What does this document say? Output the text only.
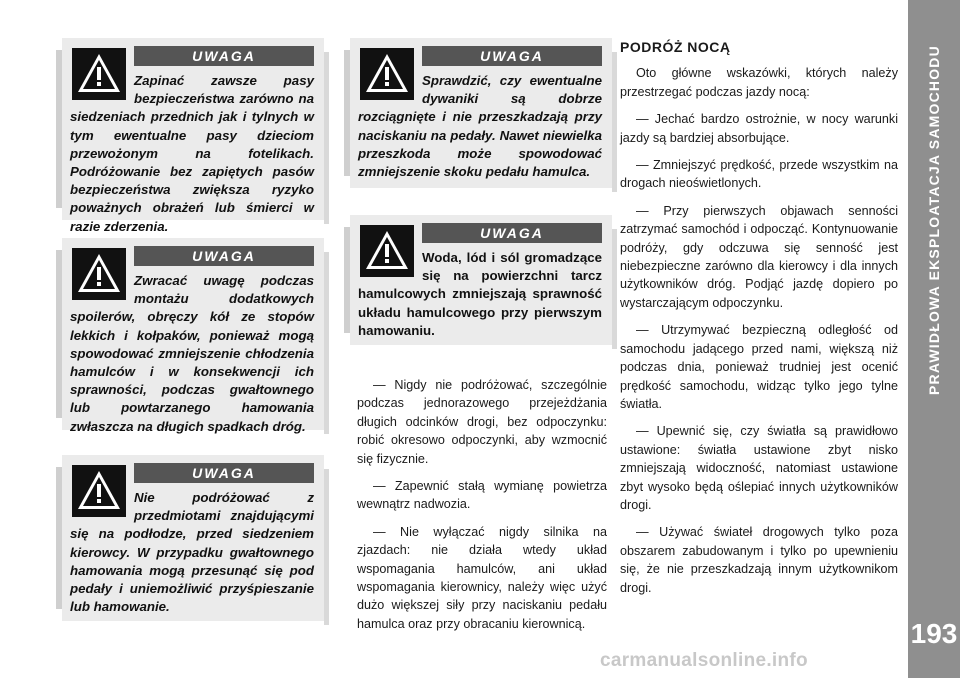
PRAWIDŁOWA EKSPLOATACJA SAMOCHODU
193
UWAGA
Zapinać zawsze pasy bezpieczeństwa zarówno na siedzeniach przednich jak i tylnych w tym ewentualne pasy dzieciom przewożonym na fotelikach. Podróżowanie bez zapiętych pasów bezpieczeństwa zwiększa ryzyko poważnych obrażeń lub śmierci w razie zderzenia.
UWAGA
Zwracać uwagę podczas montażu dodatkowych spoilerów, obręczy kół ze stopów lekkich i kołpaków, ponieważ mogą spowodować zmniejszenie chłodzenia hamulców i w konsekwencji ich sprawności, podczas gwałtownego lub powtarzanego hamowania zwłaszcza na długich spadkach dróg.
UWAGA
Nie podróżować z przedmiotami znajdującymi się na podłodze, przed siedzeniem kierowcy. W przypadku gwałtownego hamowania mogą przesunąć się pod pedały i uniemożliwić przyśpieszanie lub hamowanie.
UWAGA
Sprawdzić, czy ewentualne dywaniki są dobrze rozciągnięte i nie przeszkadzają przy naciskaniu na pedały. Nawet niewielka przeszkoda może spowodować zmniejszenie skoku pedału hamulca.
UWAGA
Woda, lód i sól gromadzące się na powierzchni tarcz hamulcowych zmniejszają sprawność układu hamulcowego przy pierwszym hamowaniu.

— Nigdy nie podróżować, szczególnie podczas jednorazowego przejeżdżania długich odcinków drogi, bez odpoczynku: robić okresowo odpoczynki, aby wzmocnić się fizycznie.

— Zapewnić stałą wymianę powietrza wewnątrz nadwozia.

— Nie wyłączać nigdy silnika na zjazdach: nie działa wtedy układ wspomagania hamulców, ani układ wspomagania kierownicy, należy więc użyć dużo większej siły przy naciskaniu pedału hamulca oraz przy obracaniu kierownicą.

PODRÓŻ NOCĄ

Oto główne wskazówki, których należy przestrzegać podczas jazdy nocą:

— Jechać bardzo ostrożnie, w nocy warunki jazdy są bardziej absorbujące.

— Zmniejszyć prędkość, przede wszystkim na drogach nieoświetlonych.

— Przy pierwszych objawach senności zatrzymać samochód i odpocząć. Kontynuowanie podróży, gdy odczuwa się senność jest niebezpieczne zarówno dla kierowcy i dla innych użytkowników dróg. Podjąć jazdę dopiero po wystarczającym odpoczynku.

— Utrzymywać bezpieczną odległość od samochodu jadącego przed nami, większą niż podczas dnia, ponieważ trudniej jest ocenić prędkość samochodu, widząc tylko jego tylne światła.

— Upewnić się, czy światła są prawidłowo ustawione: światła ustawione zbyt nisko zmniejszają widoczność, natomiast ustawione zbyt wysoko będą oślepiać innych użytkowników drogi.

— Używać świateł drogowych tylko poza obszarem zabudowanym i tylko po upewnieniu się, że nie przeszkadzają innym użytkownikom drogi.

carmanualsonline.info
